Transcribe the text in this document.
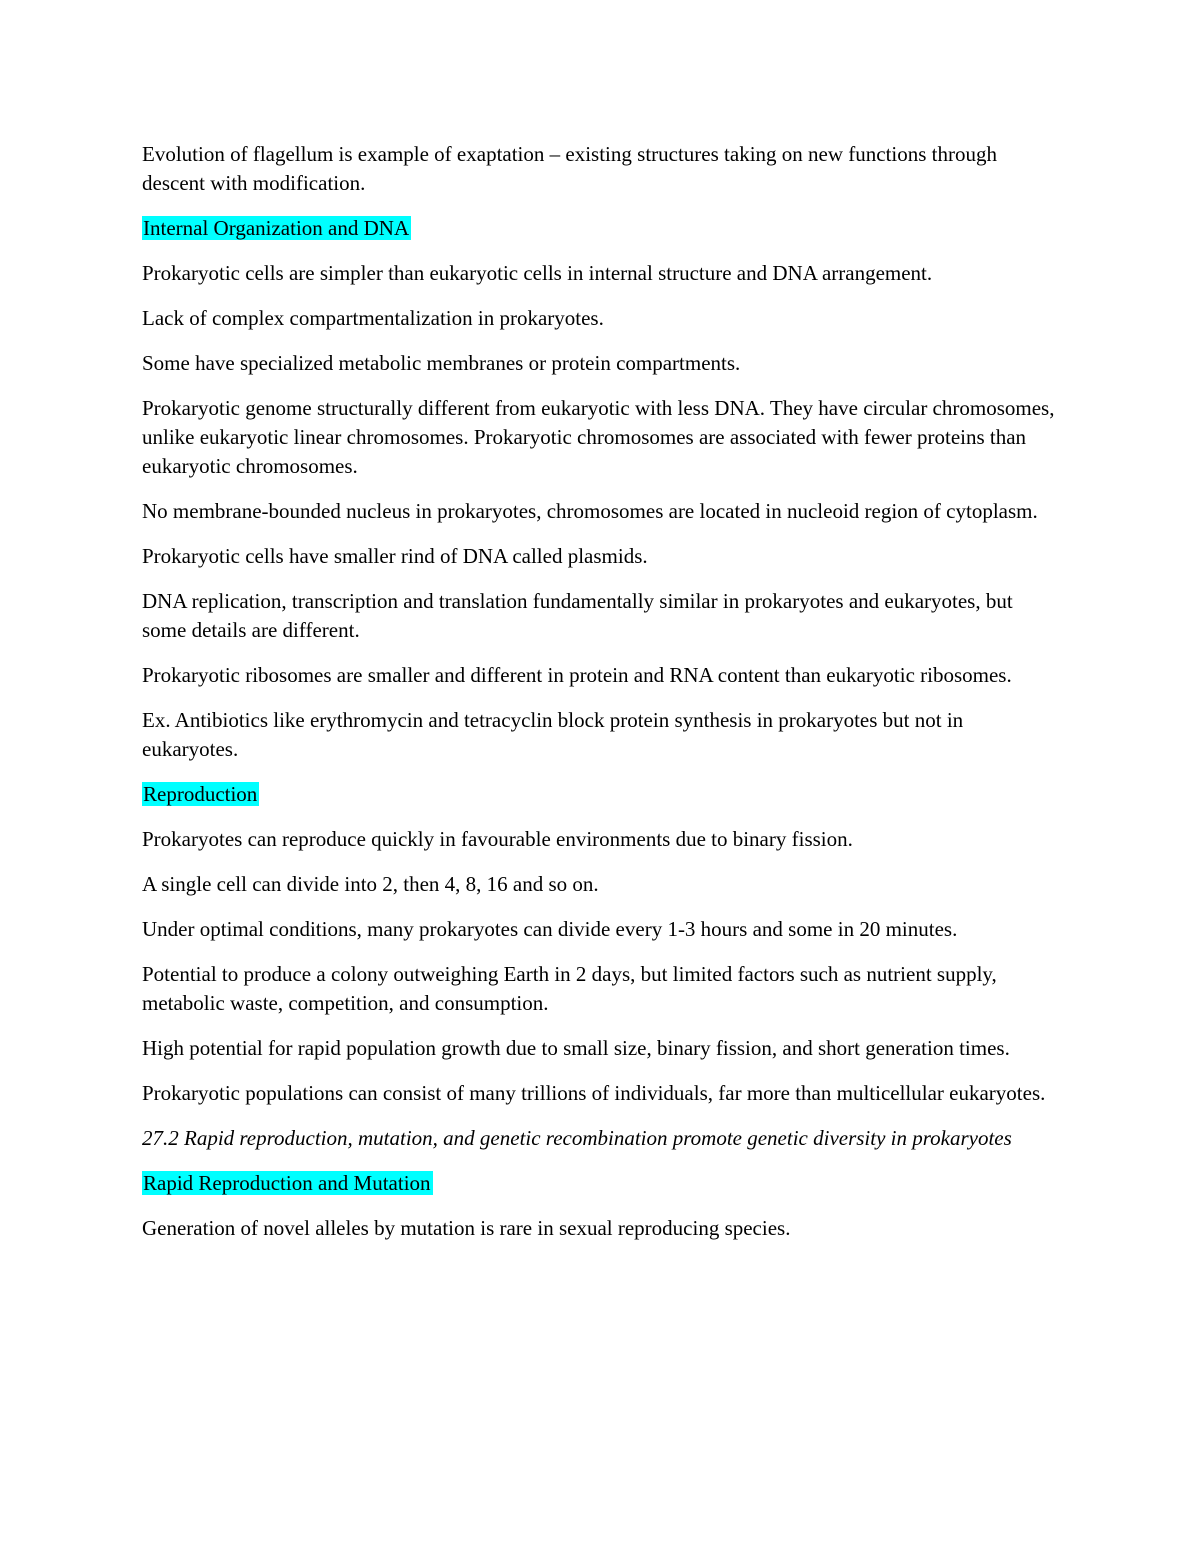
Evolution of flagellum is example of exaptation – existing structures taking on new functions through descent with modification.

Internal Organization and DNA

Prokaryotic cells are simpler than eukaryotic cells in internal structure and DNA arrangement.

Lack of complex compartmentalization in prokaryotes.

Some have specialized metabolic membranes or protein compartments.

Prokaryotic genome structurally different from eukaryotic with less DNA. They have circular chromosomes, unlike eukaryotic linear chromosomes. Prokaryotic chromosomes are associated with fewer proteins than eukaryotic chromosomes.

No membrane-bounded nucleus in prokaryotes, chromosomes are located in nucleoid region of cytoplasm.

Prokaryotic cells have smaller rind of DNA called plasmids.

DNA replication, transcription and translation fundamentally similar in prokaryotes and eukaryotes, but some details are different.

Prokaryotic ribosomes are smaller and different in protein and RNA content than eukaryotic ribosomes.

Ex. Antibiotics like erythromycin and tetracyclin block protein synthesis in prokaryotes but not in eukaryotes.

Reproduction

Prokaryotes can reproduce quickly in favourable environments due to binary fission.

A single cell can divide into 2, then 4, 8, 16 and so on.

Under optimal conditions, many prokaryotes can divide every 1-3 hours and some in 20 minutes.

Potential to produce a colony outweighing Earth in 2 days, but limited factors such as nutrient supply, metabolic waste, competition, and consumption.

High potential for rapid population growth due to small size, binary fission, and short generation times.

Prokaryotic populations can consist of many trillions of individuals, far more than multicellular eukaryotes.

27.2 Rapid reproduction, mutation, and genetic recombination promote genetic diversity in prokaryotes

Rapid Reproduction and Mutation

Generation of novel alleles by mutation is rare in sexual reproducing species.
